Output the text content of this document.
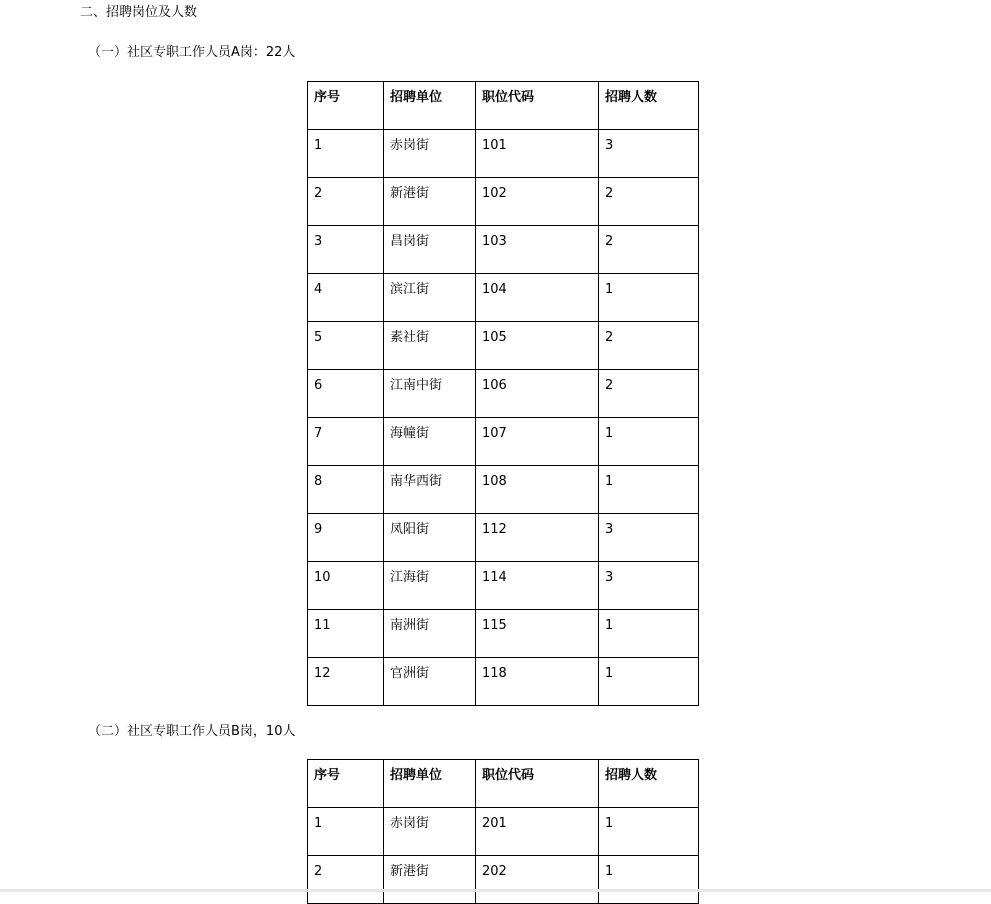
二、招聘岗位及人数
（一）社区专职工作人员A岗：22人
序号	招聘单位	职位代码	招聘人数
1	赤岗街	101	3
2	新港街	102	2
3	昌岗街	103	2
4	滨江街	104	1
5	素社街	105	2
6	江南中街	106	2
7	海幢街	107	1
8	南华西街	108	1
9	凤阳街	112	3
10	江海街	114	3
11	南洲街	115	1
12	官洲街	118	1
（二）社区专职工作人员B岗，10人
序号	招聘单位	职位代码	招聘人数
1	赤岗街	201	1
2	新港街	202	1
